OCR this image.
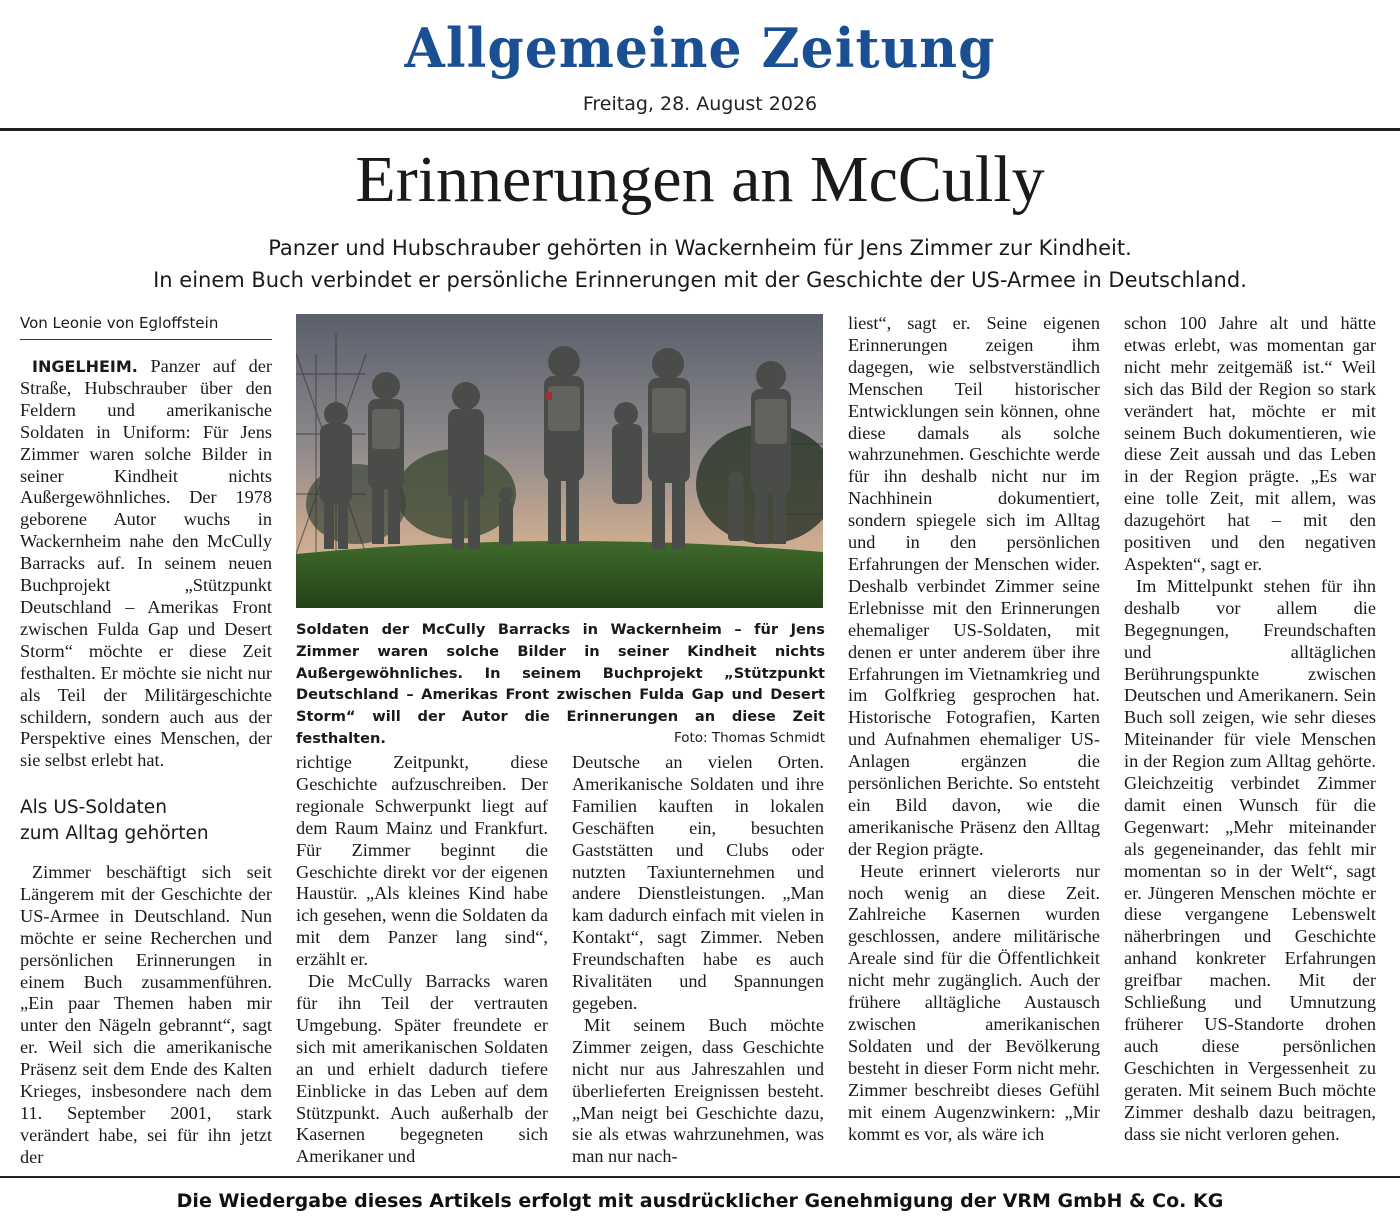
Allgemeine Zeitung
Freitag, 28. August 2026
Erinnerungen an McCully
Panzer und Hubschrauber gehörten in Wackernheim für Jens Zimmer zur Kindheit.
In einem Buch verbindet er persönliche Erinnerungen mit der Geschichte der US-Armee in Deutschland.
Von Leonie von Egloffstein

INGELHEIM. Panzer auf der Straße, Hubschrauber über den Feldern und amerikanische Soldaten in Uniform: Für Jens Zimmer waren solche Bilder in seiner Kindheit nichts Außergewöhnliches. Der 1978 geborene Autor wuchs in Wackernheim nahe den McCully Barracks auf. In seinem neuen Buchprojekt „Stützpunkt Deutschland – Amerikas Front zwischen Fulda Gap und Desert Storm“ möchte er diese Zeit festhalten. Er möchte sie nicht nur als Teil der Militärgeschichte schildern, sondern auch aus der Perspektive eines Menschen, der sie selbst erlebt hat.

Als US-Soldaten
zum Alltag gehörten

Zimmer beschäftigt sich seit Längerem mit der Geschichte der US-Armee in Deutschland. Nun möchte er seine Recherchen und persönlichen Erinnerungen in einem Buch zusammenführen. „Ein paar Themen haben mir unter den Nägeln gebrannt“, sagt er. Weil sich die amerikanische Präsenz seit dem Ende des Kalten Krieges, insbesondere nach dem 11. September 2001, stark verändert habe, sei für ihn jetzt der

Soldaten der McCully Barracks in Wackernheim – für Jens Zimmer waren solche Bilder in seiner Kindheit nichts Außergewöhnliches. In seinem Buchprojekt „Stützpunkt Deutschland – Amerikas Front zwischen Fulda Gap und Desert Storm“ will der Autor die Erinnerungen an diese Zeit festhalten.	Foto: Thomas Schmidt

richtige Zeitpunkt, diese Geschichte aufzuschreiben. Der regionale Schwerpunkt liegt auf dem Raum Mainz und Frankfurt. Für Zimmer beginnt die Geschichte direkt vor der eigenen Haustür. „Als kleines Kind habe ich gesehen, wenn die Soldaten da mit dem Panzer lang sind“, erzählt er.

Die McCully Barracks waren für ihn Teil der vertrauten Umgebung. Später freundete er sich mit amerikanischen Soldaten an und erhielt dadurch tiefere Einblicke in das Leben auf dem Stützpunkt. Auch außerhalb der Kasernen begegneten sich Amerikaner und

Deutsche an vielen Orten. Amerikanische Soldaten und ihre Familien kauften in lokalen Geschäften ein, besuchten Gaststätten und Clubs oder nutzten Taxiunternehmen und andere Dienstleistungen. „Man kam dadurch einfach mit vielen in Kontakt“, sagt Zimmer. Neben Freundschaften habe es auch Rivalitäten und Spannungen gegeben.

Mit seinem Buch möchte Zimmer zeigen, dass Geschichte nicht nur aus Jahreszahlen und überlieferten Ereignissen besteht. „Man neigt bei Geschichte dazu, sie als etwas wahrzunehmen, was man nur nach-

liest“, sagt er. Seine eigenen Erinnerungen zeigen ihm dagegen, wie selbstverständlich Menschen Teil historischer Entwicklungen sein können, ohne diese damals als solche wahrzunehmen. Geschichte werde für ihn deshalb nicht nur im Nachhinein dokumentiert, sondern spiegele sich im Alltag und in den persönlichen Erfahrungen der Menschen wider. Deshalb verbindet Zimmer seine Erlebnisse mit den Erinnerungen ehemaliger US-Soldaten, mit denen er unter anderem über ihre Erfahrungen im Vietnamkrieg und im Golfkrieg gesprochen hat. Historische Fotografien, Karten und Aufnahmen ehemaliger US-Anlagen ergänzen die persönlichen Berichte. So entsteht ein Bild davon, wie die amerikanische Präsenz den Alltag der Region prägte.

Heute erinnert vielerorts nur noch wenig an diese Zeit. Zahlreiche Kasernen wurden geschlossen, andere militärische Areale sind für die Öffentlichkeit nicht mehr zugänglich. Auch der frühere alltägliche Austausch zwischen amerikanischen Soldaten und der Bevölkerung besteht in dieser Form nicht mehr. Zimmer beschreibt dieses Gefühl mit einem Augenzwinkern: „Mir kommt es vor, als wäre ich

schon 100 Jahre alt und hätte etwas erlebt, was momentan gar nicht mehr zeitgemäß ist.“ Weil sich das Bild der Region so stark verändert hat, möchte er mit seinem Buch dokumentieren, wie diese Zeit aussah und das Leben in der Region prägte. „Es war eine tolle Zeit, mit allem, was dazugehört hat – mit den positiven und den negativen Aspekten“, sagt er.

Im Mittelpunkt stehen für ihn deshalb vor allem die Begegnungen, Freundschaften und alltäglichen Berührungspunkte zwischen Deutschen und Amerikanern. Sein Buch soll zeigen, wie sehr dieses Miteinander für viele Menschen in der Region zum Alltag gehörte. Gleichzeitig verbindet Zimmer damit einen Wunsch für die Gegenwart: „Mehr miteinander als gegeneinander, das fehlt mir momentan so in der Welt“, sagt er. Jüngeren Menschen möchte er diese vergangene Lebenswelt näherbringen und Geschichte anhand konkreter Erfahrungen greifbar machen. Mit der Schließung und Umnutzung früherer US-Standorte drohen auch diese persönlichen Geschichten in Vergessenheit zu geraten. Mit seinem Buch möchte Zimmer deshalb dazu beitragen, dass sie nicht verloren gehen.

Die Wiedergabe dieses Artikels erfolgt mit ausdrücklicher Genehmigung der VRM GmbH & Co. KG
